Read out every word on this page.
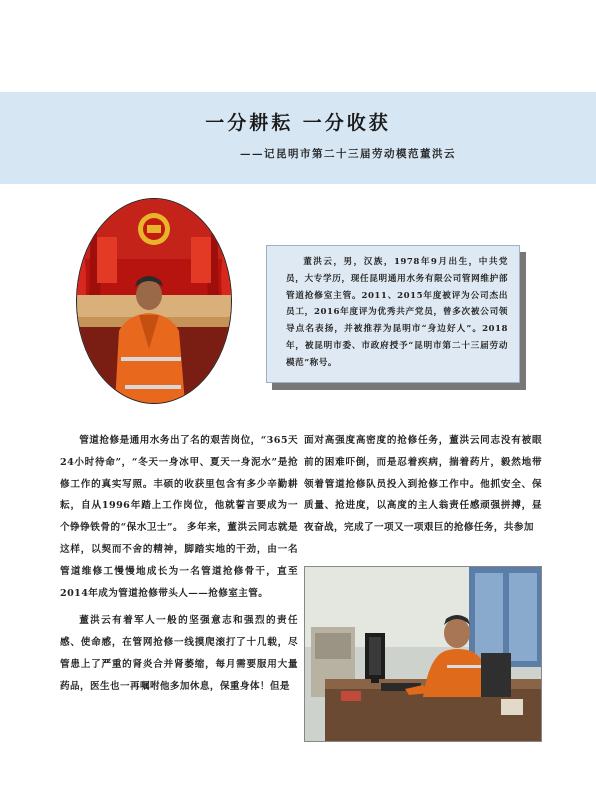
一分耕耘 一分收获
——记昆明市第二十三届劳动模范董洪云
董洪云，男，汉族，1978年9月出生，中共党员，大专学历，现任昆明通用水务有限公司管网维护部管道抢修室主管。2011、2015年度被评为公司杰出员工，2016年度评为优秀共产党员，曾多次被公司领导点名表扬，并被推荐为昆明市“身边好人”。2018年，被昆明市委、市政府授予“昆明市第二十三届劳动模范”称号。

管道抢修是通用水务出了名的艰苦岗位，“365天24小时待命”，“冬天一身冰甲、夏天一身泥水”是抢修工作的真实写照。丰硕的收获里包含有多少辛勤耕耘，自从1996年踏上工作岗位，他就誓言要成为一个铮铮铁骨的“保水卫士”。 多年来，董洪云同志就是这样，以契而不舍的精神，脚踏实地的干劲，由一名管道维修工慢慢地成长为一名管道抢修骨干，直至2014年成为管道抢修带头人——抢修室主管。

董洪云有着军人一般的坚强意志和强烈的责任感、使命感，在管网抢修一线摸爬滚打了十几载，尽管患上了严重的肾炎合并肾萎缩，每月需要服用大量药品，医生也一再嘱咐他多加休息，保重身体！但是

面对高强度高密度的抢修任务，董洪云同志没有被眼前的困难吓倒，而是忍着疾病，揣着药片，毅然地带领着管道抢修队员投入到抢修工作中。他抓安全、保质量、抢进度，以高度的主人翁责任感顽强拼搏，昼夜奋战，完成了一项又一项艰巨的抢修任务，共参加
